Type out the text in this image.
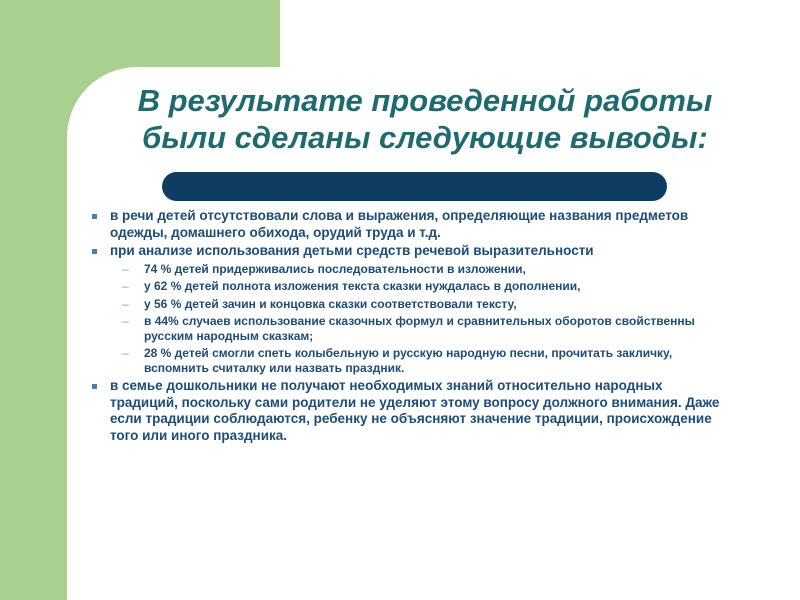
В результате проведенной работы
были сделаны следующие выводы:
в речи детей отсутствовали слова и выражения, определяющие названия предметов одежды, домашнего обихода, орудий труда и т.д.
при анализе использования детьми средств речевой выразительности
–	74 % детей придерживались последовательности в изложении,
–	у 62 % детей полнота изложения текста сказки нуждалась в дополнении,
–	у 56 % детей зачин и концовка сказки соответствовали тексту,
–	в 44% случаев использование сказочных формул и сравнительных оборотов свойственны русским народным сказкам;
–	28 % детей смогли спеть колыбельную и русскую народную песни, прочитать закличку, вспомнить считалку или назвать праздник.
в семье дошкольники не получают необходимых знаний относительно народных традиций, поскольку сами родители не уделяют этому вопросу должного внимания. Даже если традиции соблюдаются, ребенку не объясняют значение традиции, происхождение того или иного праздника.
